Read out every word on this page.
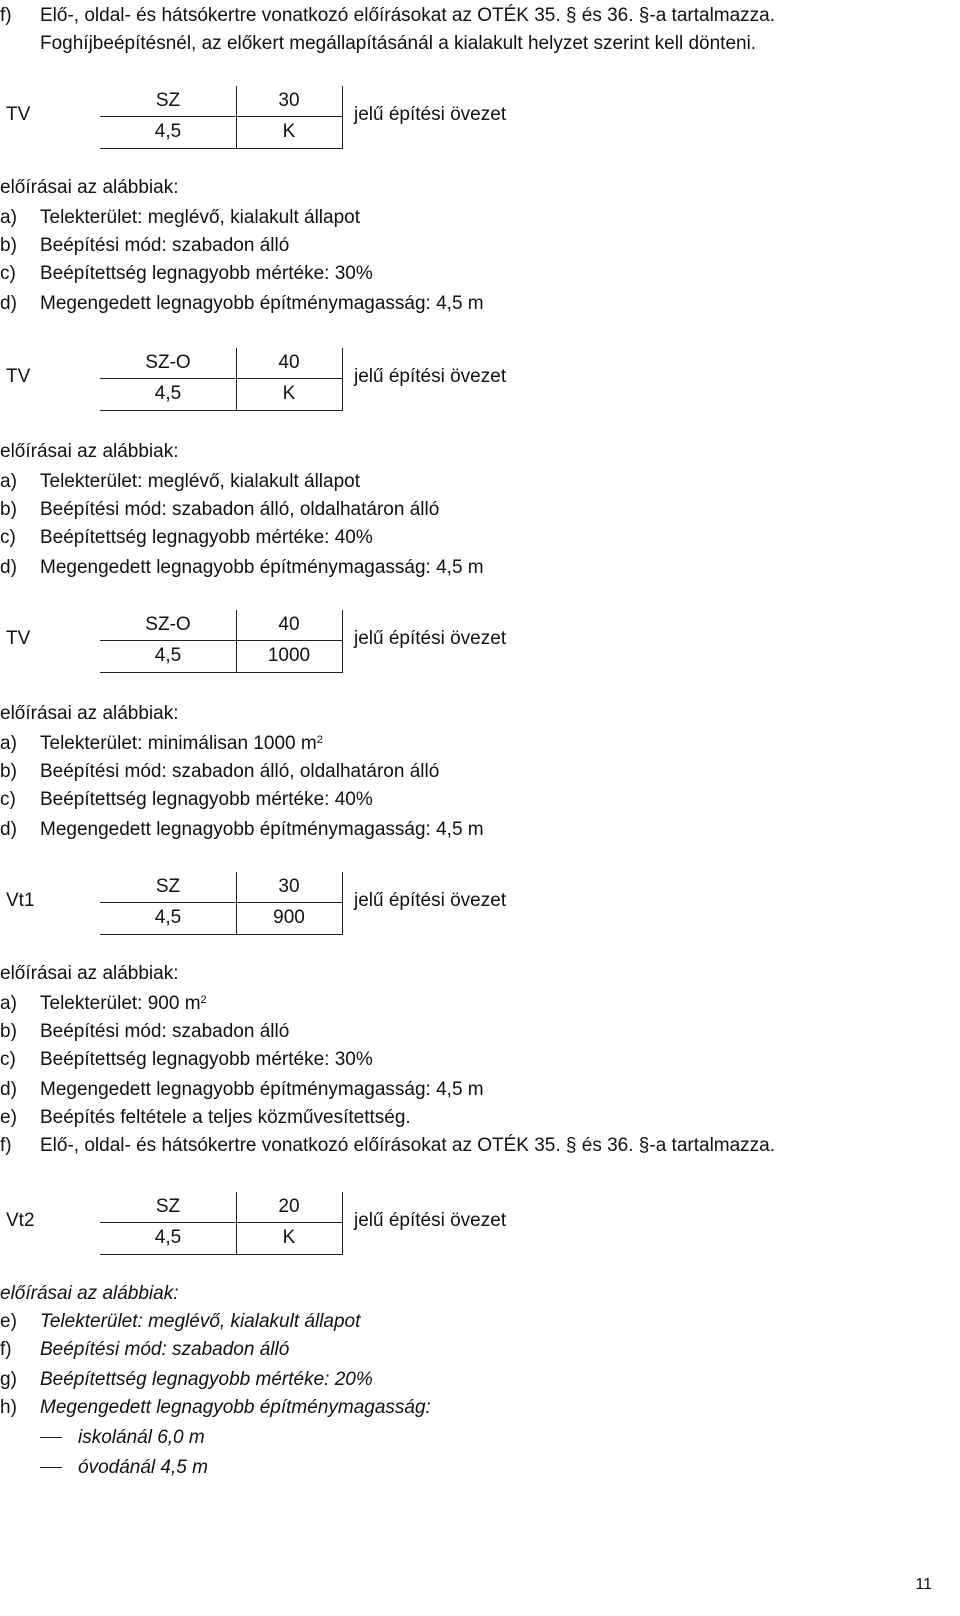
f) Elő-, oldal- és hátsókertre vonatkozó előírásokat az OTÉK 35. § és 36. §-a tartalmazza.
Foghíjbeépítésnél, az előkert megállapításánál a kialakult helyzet szerint kell dönteni.
TV
SZ	30
4,5	K
jelű építési övezet
előírásai az alábbiak:
a) Telekterület: meglévő, kialakult állapot
b) Beépítési mód: szabadon álló
c) Beépítettség legnagyobb mértéke: 30%
d) Megengedett legnagyobb építménymagasság: 4,5 m
TV
SZ-O	40
4,5	K
jelű építési övezet
előírásai az alábbiak:
a) Telekterület: meglévő, kialakult állapot
b) Beépítési mód: szabadon álló, oldalhatáron álló
c) Beépítettség legnagyobb mértéke: 40%
d) Megengedett legnagyobb építménymagasság: 4,5 m
TV
SZ-O	40
4,5	1000
jelű építési övezet
előírásai az alábbiak:
a) Telekterület: minimálisan 1000 $m^2$
b) Beépítési mód: szabadon álló, oldalhatáron álló
c) Beépítettség legnagyobb mértéke: 40%
d) Megengedett legnagyobb építménymagasság: 4,5 m
Vt1
SZ	30
4,5	900
jelű építési övezet
előírásai az alábbiak:
a) Telekterület: 900 $m^2$
b) Beépítési mód: szabadon álló
c) Beépítettség legnagyobb mértéke: 30%
d) Megengedett legnagyobb építménymagasság: 4,5 m
e) Beépítés feltétele a teljes közművesítettség.
f) Elő-, oldal- és hátsókertre vonatkozó előírásokat az OTÉK 35. § és 36. §-a tartalmazza.
Vt2
SZ	20
4,5	K
jelű építési övezet
előírásai az alábbiak:
e) Telekterület: meglévő, kialakult állapot
f) Beépítési mód: szabadon álló
g) Beépítettség legnagyobb mértéke: 20%
h) Megengedett legnagyobb építménymagasság:
iskolánál 6,0 m
óvodánál 4,5 m
11
